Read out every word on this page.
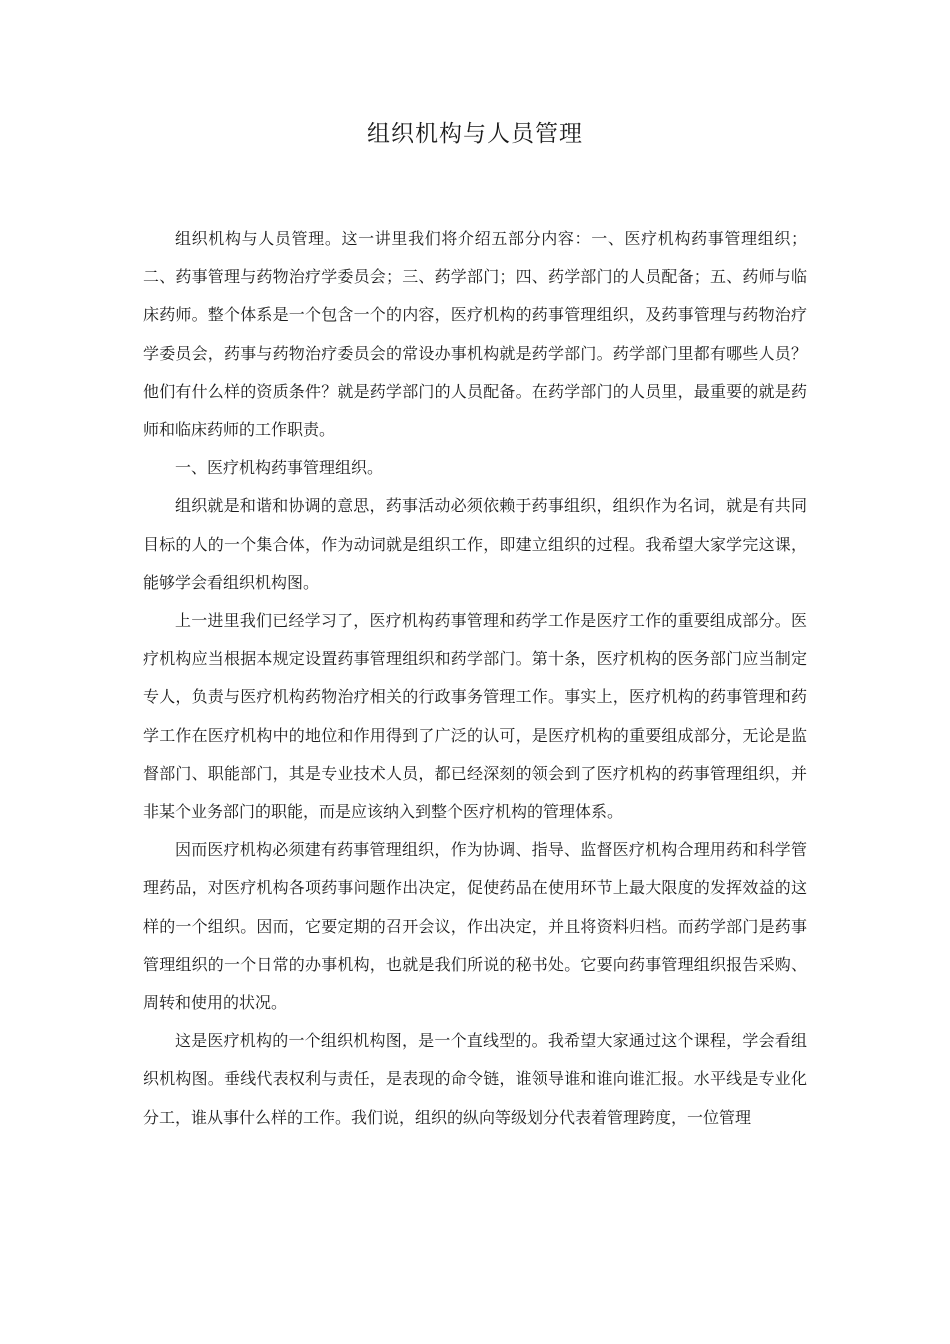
组织机构与人员管理

组织机构与人员管理。这一讲里我们将介绍五部分内容：一、医疗机构药事管理组织；二、药事管理与药物治疗学委员会；三、药学部门；四、药学部门的人员配备；五、药师与临床药师。整个体系是一个包含一个的内容，医疗机构的药事管理组织，及药事管理与药物治疗学委员会，药事与药物治疗委员会的常设办事机构就是药学部门。药学部门里都有哪些人员？他们有什么样的资质条件？就是药学部门的人员配备。在药学部门的人员里，最重要的就是药师和临床药师的工作职责。

一、医疗机构药事管理组织。

组织就是和谐和协调的意思，药事活动必须依赖于药事组织，组织作为名词，就是有共同目标的人的一个集合体，作为动词就是组织工作，即建立组织的过程。我希望大家学完这课，能够学会看组织机构图。

上一进里我们已经学习了，医疗机构药事管理和药学工作是医疗工作的重要组成部分。医疗机构应当根据本规定设置药事管理组织和药学部门。第十条，医疗机构的医务部门应当制定专人，负责与医疗机构药物治疗相关的行政事务管理工作。事实上，医疗机构的药事管理和药学工作在医疗机构中的地位和作用得到了广泛的认可，是医疗机构的重要组成部分，无论是监督部门、职能部门，其是专业技术人员，都已经深刻的领会到了医疗机构的药事管理组织，并非某个业务部门的职能，而是应该纳入到整个医疗机构的管理体系。

因而医疗机构必须建有药事管理组织，作为协调、指导、监督医疗机构合理用药和科学管理药品，对医疗机构各项药事问题作出决定，促使药品在使用环节上最大限度的发挥效益的这样的一个组织。因而，它要定期的召开会议，作出决定，并且将资料归档。而药学部门是药事管理组织的一个日常的办事机构，也就是我们所说的秘书处。它要向药事管理组织报告采购、周转和使用的状况。

这是医疗机构的一个组织机构图，是一个直线型的。我希望大家通过这个课程，学会看组织机构图。垂线代表权利与责任，是表现的命令链，谁领导谁和谁向谁汇报。水平线是专业化分工，谁从事什么样的工作。我们说，组织的纵向等级划分代表着管理跨度，一位管理
